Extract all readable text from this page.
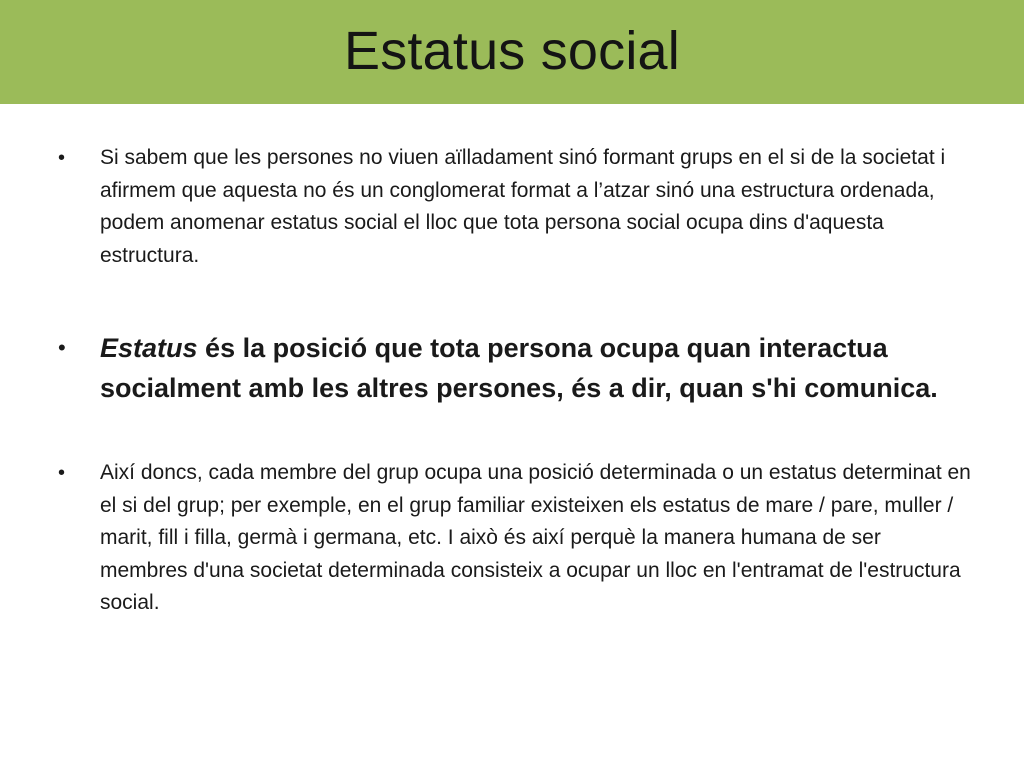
Estatus social
• Si sabem que les persones no viuen aïlladament sinó formant grups en el si de la societat i afirmem que aquesta no és un conglomerat format a l’atzar sinó una estructura ordenada, podem anomenar estatus social el lloc que tota persona social ocupa dins d'aquesta estructura.
• Estatus és la posició que tota persona ocupa quan interactua socialment amb les altres persones, és a dir, quan s'hi comunica.
• Així doncs, cada membre del grup ocupa una posició determinada o un estatus determinat en el si del grup; per exemple, en el grup familiar existeixen els estatus de mare / pare, muller / marit, fill i filla, germà i germana, etc. I això és així perquè la manera humana de ser membres d'una societat determinada consisteix a ocupar un lloc en l'entramat de l'estructura social.
